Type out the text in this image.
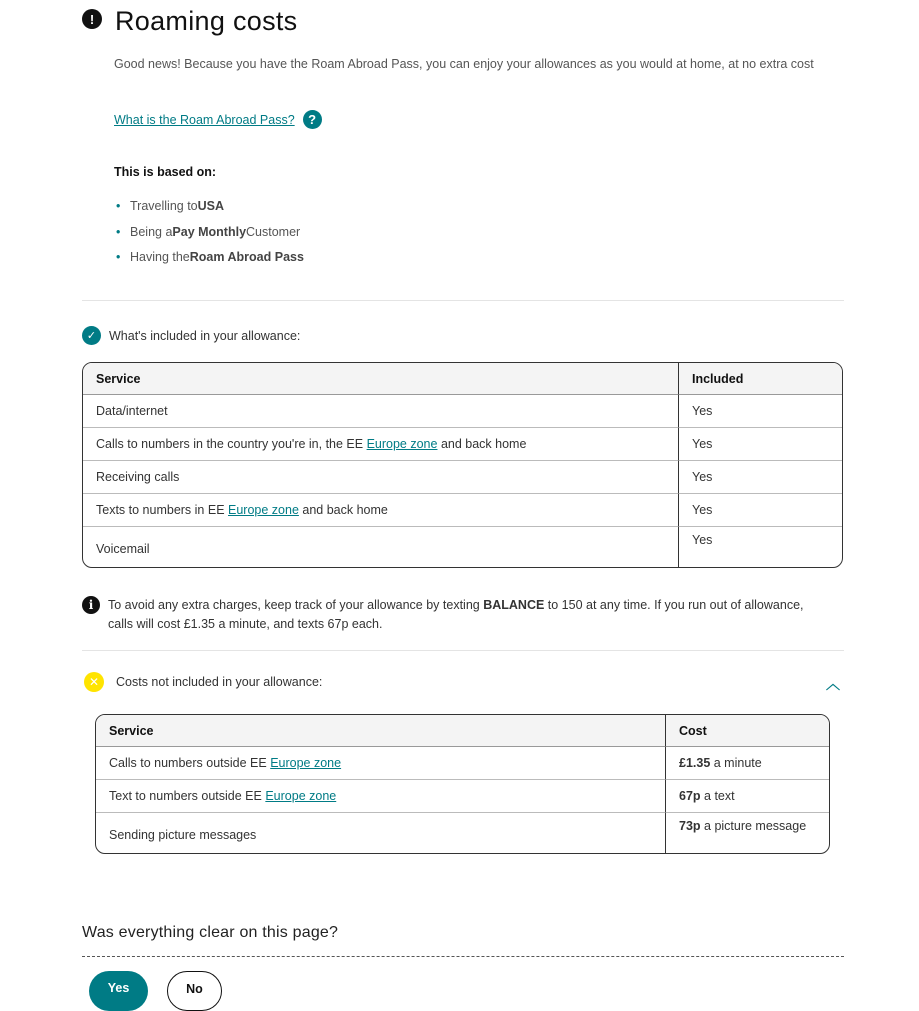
! Roaming costs

Good news! Because you have the Roam Abroad Pass, you can enjoy your allowances as you would at home, at no extra cost

What is the Roam Abroad Pass?	?

This is based on:

• Travelling to USA
• Being a Pay Monthly Customer
• Having the Roam Abroad Pass
✓	What's included in your allowance:
Service	Included
Data/internet	Yes
Calls to numbers in the country you're in, the EE Europe zone and back home	Yes
Receiving calls	Yes
Texts to numbers in EE Europe zone and back home	Yes
Voicemail	Yes
i	To avoid any extra charges, keep track of your allowance by texting BALANCE to 150 at any time. If you run out of allowance, calls will cost £1.35 a minute, and texts 67p each.

✕	Costs not included in your allowance:	︿
Service	Cost
Calls to numbers outside EE Europe zone	£1.35 a minute
Text to numbers outside EE Europe zone	67p a text
Sending picture messages	73p a picture message

Was everything clear on this page?

Yes	No
